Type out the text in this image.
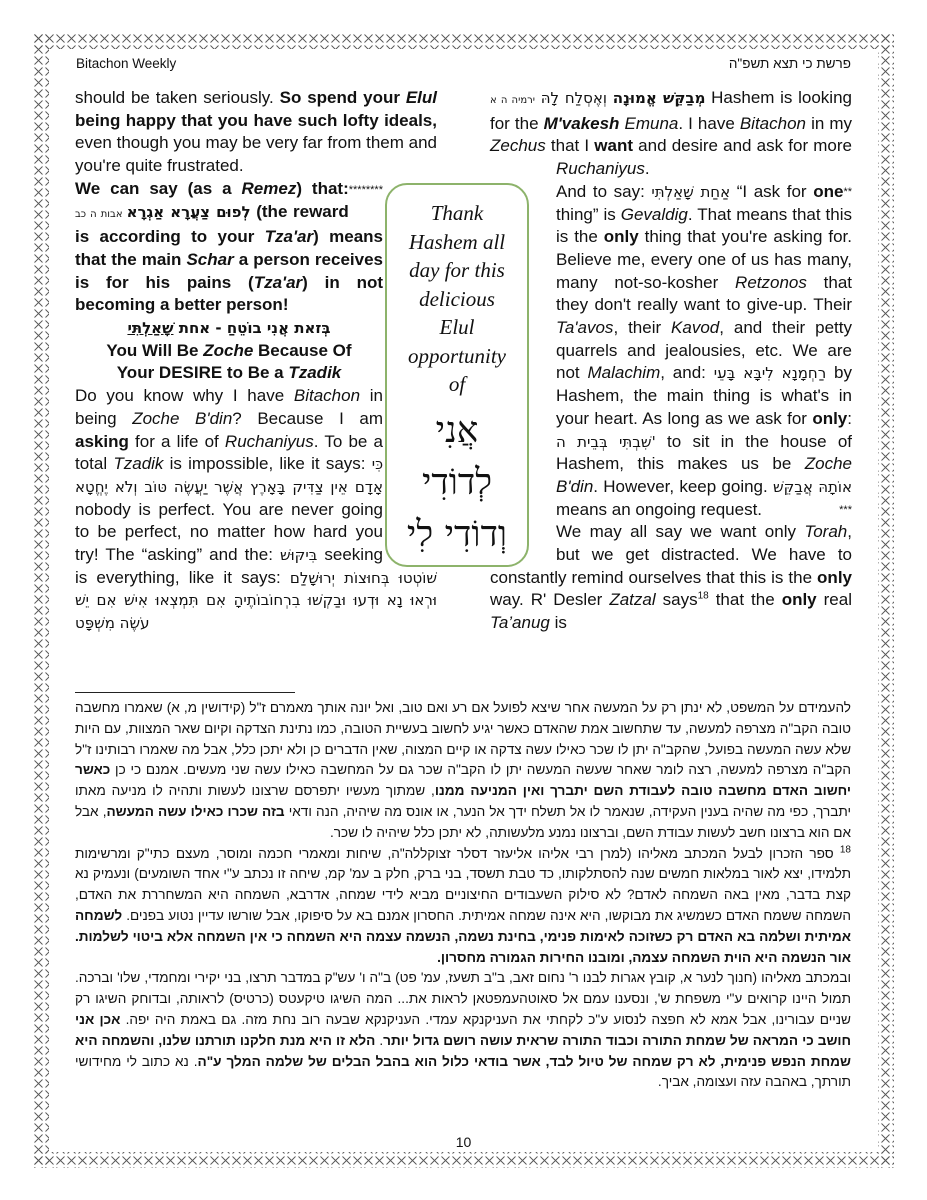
Bitachon Weekly	פרשת כי תצא תשפ"ה

should be taken seriously. So spend your Elul being happy that you have such lofty ideals, even though you may be very far from them and you're quite frustrated.
********

We can say (as a Remez) that: לְפוּם צַעֲרָא אַגְרָא אבות ה כב	(the reward is according to your Tza'ar) means that the main Schar a person receives is for his pains (Tza'ar) in not becoming a better person!

בְּזאת אֲנִי בוֹטֵחַ - אחת שָׁאַלְתִּי

You Will Be Zoche Because Of

Your DESIRE to Be a Tzadik

Do you know why I have Bitachon in being Zoche B'din? Because I am asking for a life of Ruchaniyus. To be a total Tzadik is impossible, like it says: כִּי אָדָם אֵין צַדִּיק בָּאָרֶץ אֲשֶׁר יַעֲשֶׂה טּוֹב וְלֹא יֶחֱטָא nobody is perfect. You are never going to be perfect, no matter how hard you try! The “asking” and the: בִּיקּוּשׁ seeking is everything, like it says: שׁוֹטְטוּ בְּחוּצוֹת יְרוּשָׁלִַם וּרְאוּ נָא וּדְעוּ וּבַקְשׁוּ בִרְחוֹבוֹתֶיהָ אִם תִּמְצְאוּ אִישׁ אִם יֵשׁ עֹשֶׂה מִשְׁפָּט

מְבַקֵּשׁ אֱמוּנָה וְאֶסְלַח לָהּ ירמיה ה א	Hashem is looking for the M'vakesh Emuna. I have Bitachon in my Zechus that I want and desire and ask for more Ruchaniyus.
**

And to say: אַחַת שָׁאַלְתִּי “I ask for one thing” is Gevaldig. That means that this is the only thing that you're asking for. Believe me, every one of us has many, many not-so-kosher Retzonos that they don't really want to give-up. Their Ta'avos, their Kavod, and their petty quarrels and jealousies, etc. We are not Malachim, and: רַחְמָנָא לִיבָּא בָּעֵי by Hashem, the main thing is what's in your heart. As long as we ask for only: שִׁבְתִּי בְּבֵית ה' to sit in the house of Hashem, this makes us be Zoche B'din. However, keep going. אוֹתָהּ אֲבַקֵּשׁ means an ongoing request.	***

We may all say we want only Torah, but we get distracted. We have to constantly remind ourselves that this is the only way. R' Desler Zatzal says$^{18}$ that the only real Ta’anug is

Thank
Hashem all
day for this
delicious
Elul
opportunity
of
אֲנִי
לְדוֹדִי
וְדוֹדִי לִי

להעמידם על המשפט, לא ינתן רק על המעשה אחר שיצא לפועל אם רע ואם טוב, ואל יונה אותך מאמרם ז"ל (קידושין מ, א) שאמרו מחשבה טובה הקב"ה מצרפה למעשה, עד שתחשוב אמת שהאדם כאשר יגיע לחשוב בעשיית הטובה, כמו נתינת הצדקה וקיום שאר המצוות, עם היות שלא עשה המעשה בפועל, שהקב"ה יתן לו שכר כאילו עשה צדקה או קיים המצוה, שאין הדברים כן ולא יתכן כלל, אבל מה שאמרו רבותינו ז"ל הקב"ה מצרפה למעשה, רצה לומר שאחר שעשה המעשה יתן לו הקב"ה שכר גם על המחשבה כאילו עשה שני מעשים. אמנם כי כן כאשר יחשוב האדם מחשבה טובה לעבודת השם יתברך ואין המניעה ממנו, שמתוך מעשיו יתפרסם שרצונו לעשות ותהיה לו מניעה מאתו יתברך, כפי מה שהיה בענין העקידה, שנאמר לו אל תשלח ידך אל הנער, או אונס מה שיהיה, הנה ודאי בזה שכרו כאילו עשה המעשה, אבל אם הוא ברצונו חשב לעשות עבודת השם, וברצונו נמנע מלעשותה, לא יתכן כלל שיהיה לו שכר.

$^{18}$ ספר הזכרון לבעל המכתב מאליהו (למרן רבי אליהו אליעזר דסלר זצוקללה"ה, שיחות ומאמרי חכמה ומוסר, מעצם כתי"ק ומרשימות תלמידו, יצא לאור במלאות חמשים שנה להסתלקותו, כד טבת תשסד, בני ברק, חלק ב עמ' קמ, שיחה זו נכתב ע"י אחד השומעים) ונעמיק נא קצת בדבר, מאין באה השמחה לאדם? לא סילוק השעבודים החיצוניים מביא לידי שמחה, אדרבא, השמחה היא המשחררת את האדם, השמחה ששמח האדם כשמשיג את מבוקשו, היא אינה שמחה אמיתית. החסרון אמנם בא על סיפוקו, אבל שורשו עדיין נטוע בפנים. לשמחה אמיתית ושלמה בא האדם רק כשזוכה לאימות פנימי, בחינת נשמה, הנשמה עצמה היא השמחה כי אין השמחה אלא ביטוי לשלמות. אור הנשמה היא הוית השמחה עצמה, ומובנו החירות הגמורה מחסרון.

ובמכתב מאליהו (חנוך לנער א, קובץ אגרות לבנו ר' נחום זאב, ב"ב תשעז, עמ' פט) ב"ה ו' עש"ק במדבר תרצו, בני יקירי ומחמדי, שלו' וברכה. תמול היינו קרואים ע"י משפחת ש', ונסענו עמם אל סאוטהעמפטאן לראות את... המה השיגו טיקעטס (כרטיס) לראותה, ובדוחק השיגו רק שניים עבורינו, אבל אמא לא חפצה לנסוע ע"כ לקחתי את העניקנקא עמדי. העניקנקא שבעה רוב נחת מזה. גם באמת היה יפה. אכן אני חושב כי המראה של שמחת התורה וכבוד התורה שראית עושה רושם גדול יותר. הלא זו היא מנת חלקנו תורתנו שלנו, והשמחה היא שמחת הנפש פנימית, לא רק שמחה של טיול לבד, אשר בודאי כלול הוא בהבל הבלים של שלמה המלך ע"ה. נא כתוב לי מחידושי תורתך, באהבה עזה ועצומה, אביך.

10
